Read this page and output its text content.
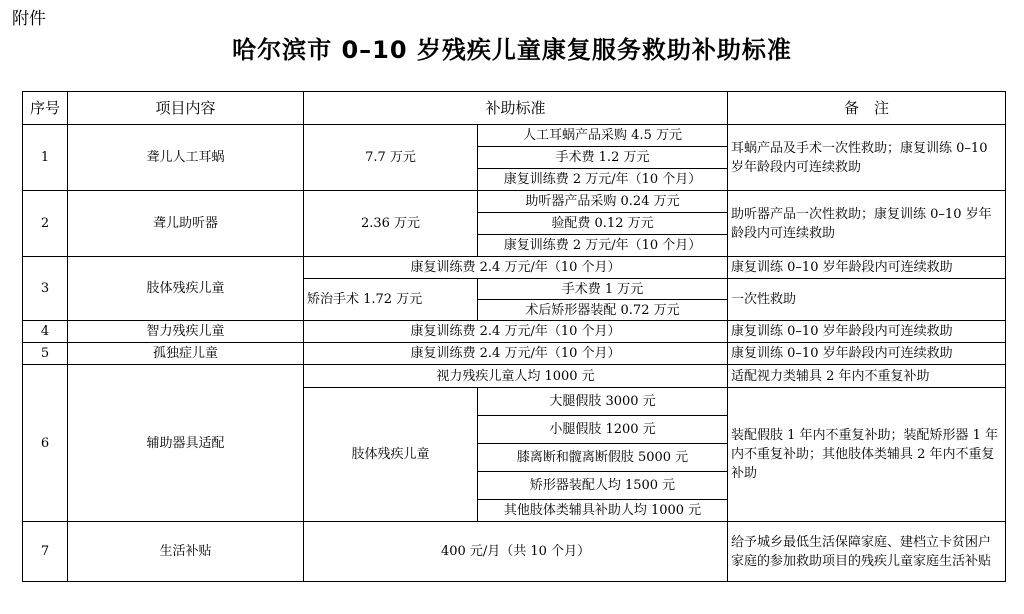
附件
哈尔滨市 0–10 岁残疾儿童康复服务救助补助标准
序号	项目内容	补助标准		备　注
1	聋儿人工耳蜗	7.7 万元	人工耳蜗产品采购 4.5 万元	耳蜗产品及手术一次性救助；康复训练 0–10 岁年龄段内可连续救助
			手术费 1.2 万元	
			康复训练费 2 万元/年（10 个月）	
2	聋儿助听器	2.36 万元	助听器产品采购 0.24 万元	助听器产品一次性救助；康复训练 0–10 岁年龄段内可连续救助
			验配费 0.12 万元	
			康复训练费 2 万元/年（10 个月）	
3	肢体残疾儿童	康复训练费 2.4 万元/年（10 个月）		康复训练 0–10 岁年龄段内可连续救助
		矫治手术 1.72 万元	手术费 1 万元	一次性救助
			术后矫形器装配 0.72 万元	
4	智力残疾儿童	康复训练费 2.4 万元/年（10 个月）		康复训练 0–10 岁年龄段内可连续救助
5	孤独症儿童	康复训练费 2.4 万元/年（10 个月）		康复训练 0–10 岁年龄段内可连续救助
6	辅助器具适配	视力残疾儿童人均 1000 元		适配视力类辅具 2 年内不重复补助
		肢体残疾儿童	大腿假肢 3000 元	装配假肢 1 年内不重复补助；装配矫形器 1 年内不重复补助；其他肢体类辅具 2 年内不重复补助
			小腿假肢 1200 元	
			膝离断和髋离断假肢 5000 元	
			矫形器装配人均 1500 元	
			其他肢体类辅具补助人均 1000 元	
7	生活补贴	400 元/月（共 10 个月）		给予城乡最低生活保障家庭、建档立卡贫困户家庭的参加救助项目的残疾儿童家庭生活补贴
